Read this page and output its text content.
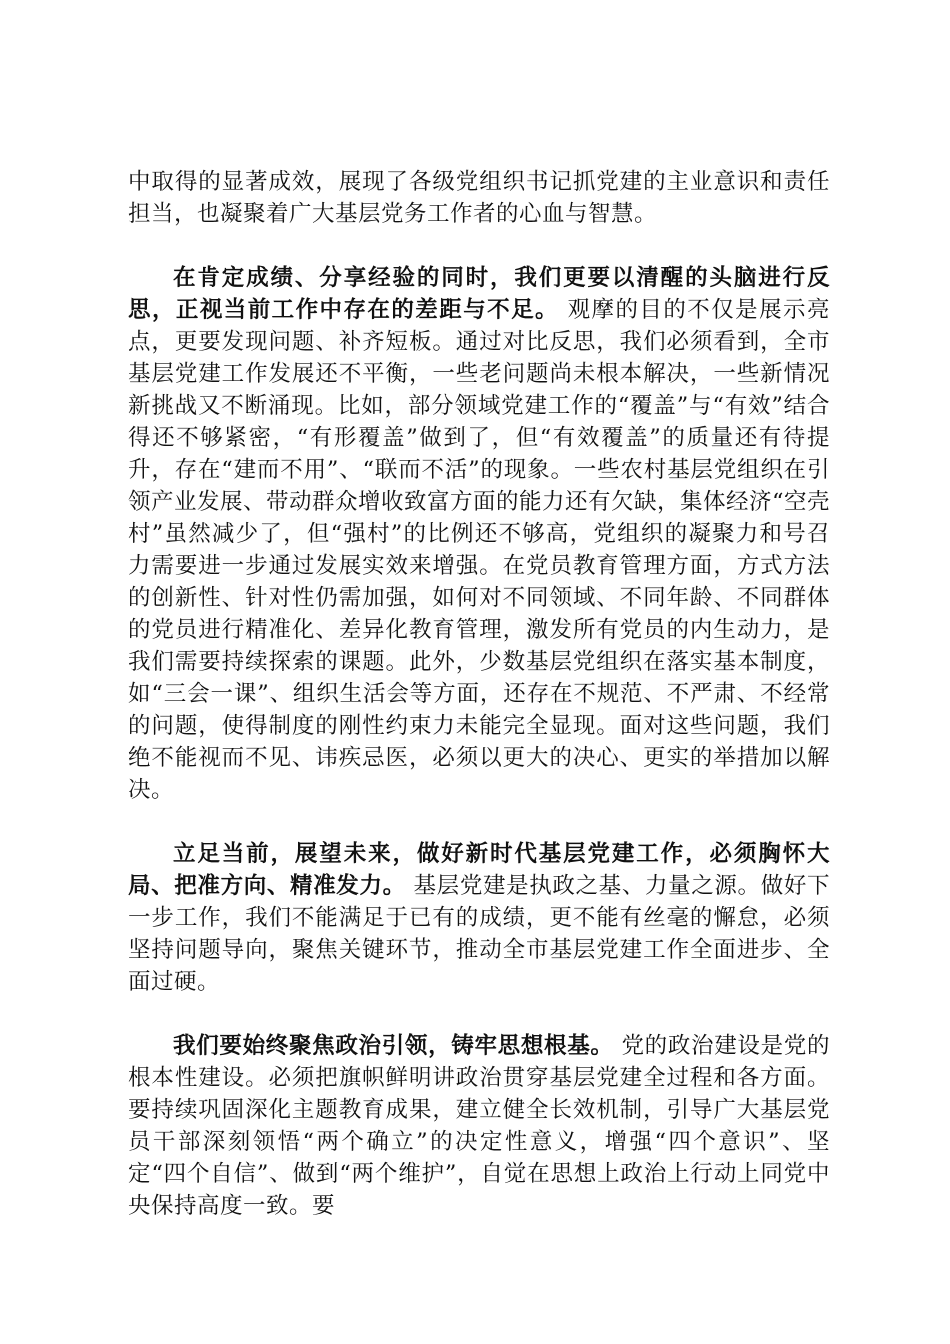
中取得的显著成效，展现了各级党组织书记抓党建的主业意识和责任担当，也凝聚着广大基层党务工作者的心血与智慧。

在肯定成绩、分享经验的同时，我们更要以清醒的头脑进行反思，正视当前工作中存在的差距与不足。 观摩的目的不仅是展示亮点，更要发现问题、补齐短板。通过对比反思，我们必须看到，全市基层党建工作发展还不平衡，一些老问题尚未根本解决，一些新情况新挑战又不断涌现。比如，部分领域党建工作的“覆盖”与“有效”结合得还不够紧密，“有形覆盖”做到了，但“有效覆盖”的质量还有待提升，存在“建而不用”、“联而不活”的现象。一些农村基层党组织在引领产业发展、带动群众增收致富方面的能力还有欠缺，集体经济“空壳村”虽然减少了，但“强村”的比例还不够高，党组织的凝聚力和号召力需要进一步通过发展实效来增强。在党员教育管理方面，方式方法的创新性、针对性仍需加强，如何对不同领域、不同年龄、不同群体的党员进行精准化、差异化教育管理，激发所有党员的内生动力，是我们需要持续探索的课题。此外，少数基层党组织在落实基本制度，如“三会一课”、组织生活会等方面，还存在不规范、不严肃、不经常的问题，使得制度的刚性约束力未能完全显现。面对这些问题，我们绝不能视而不见、讳疾忌医，必须以更大的决心、更实的举措加以解决。

立足当前，展望未来，做好新时代基层党建工作，必须胸怀大局、把准方向、精准发力。 基层党建是执政之基、力量之源。做好下一步工作，我们不能满足于已有的成绩，更不能有丝毫的懈怠，必须坚持问题导向，聚焦关键环节，推动全市基层党建工作全面进步、全面过硬。

我们要始终聚焦政治引领，铸牢思想根基。 党的政治建设是党的根本性建设。必须把旗帜鲜明讲政治贯穿基层党建全过程和各方面。要持续巩固深化主题教育成果，建立健全长效机制，引导广大基层党员干部深刻领悟“两个确立”的决定性意义，增强“四个意识”、坚定“四个自信”、做到“两个维护”，自觉在思想上政治上行动上同党中央保持高度一致。要
